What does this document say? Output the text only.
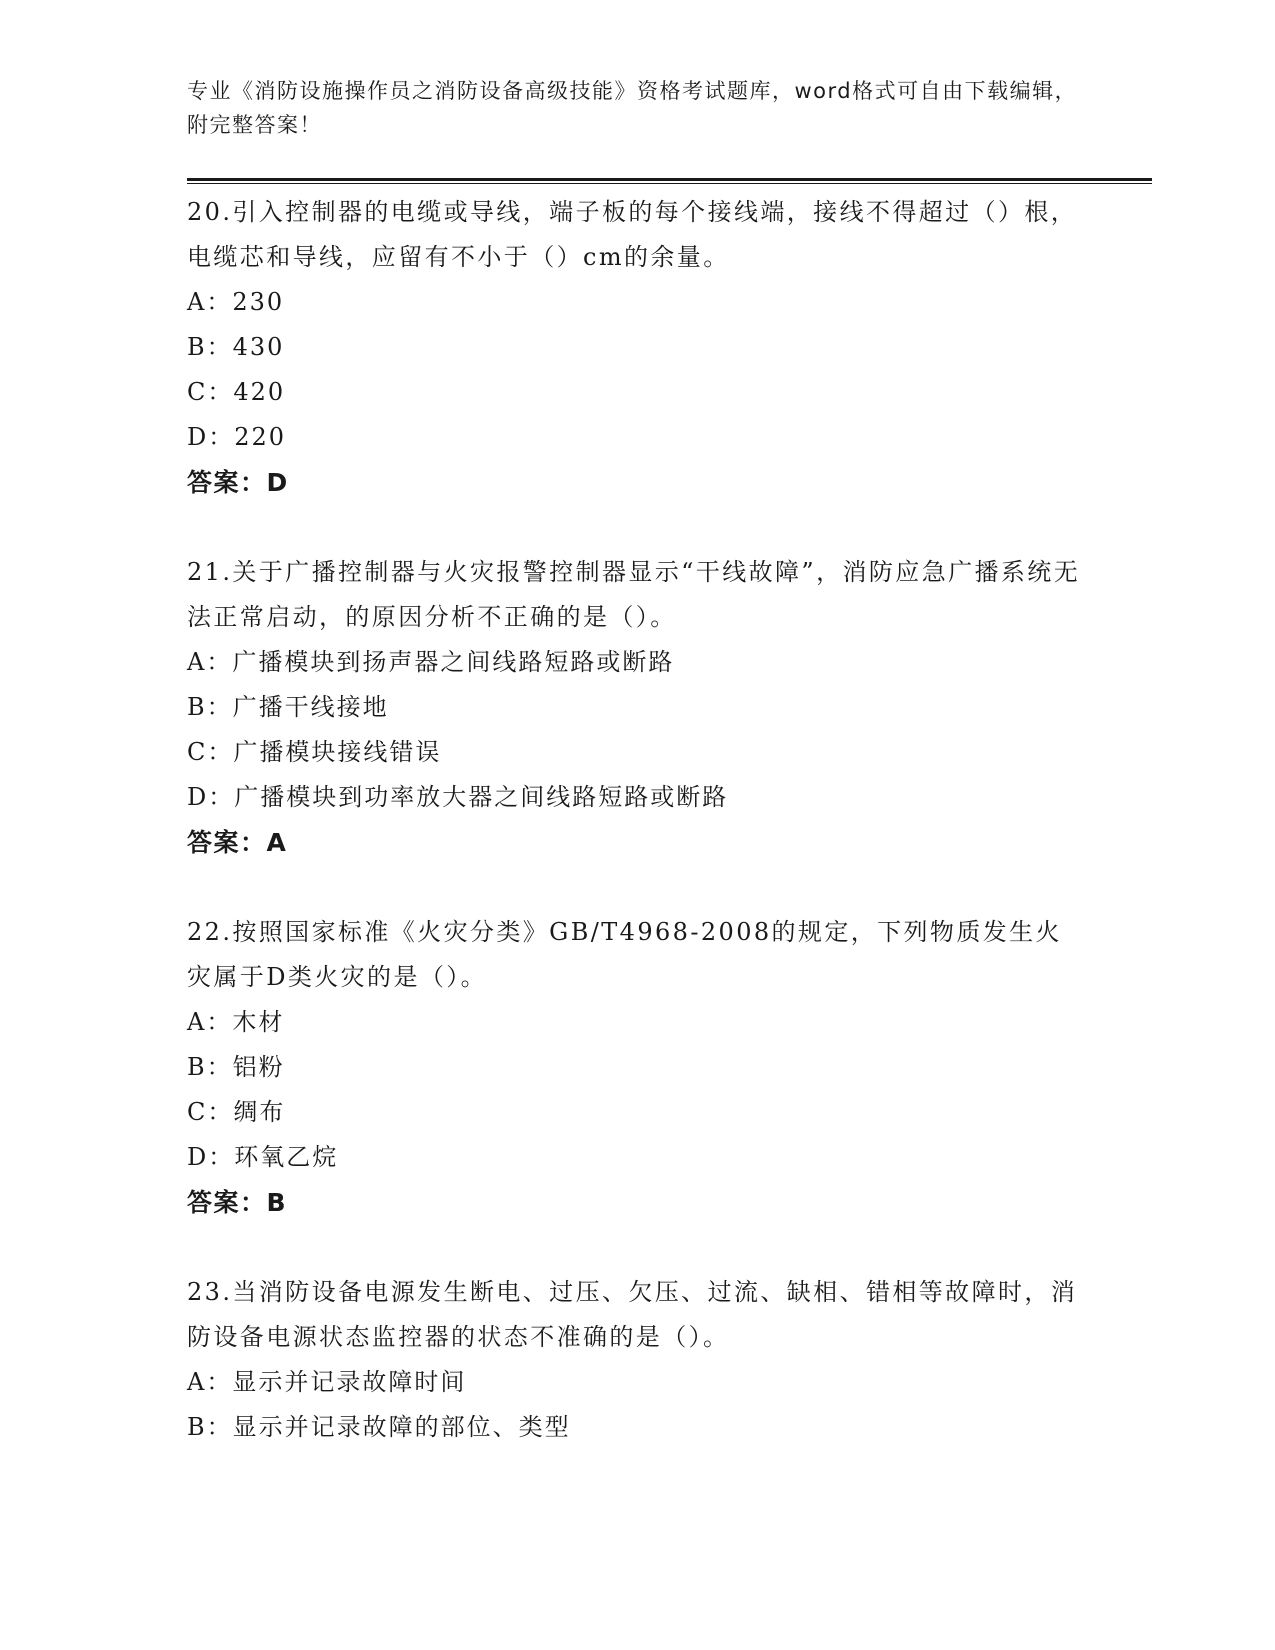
专业《消防设施操作员之消防设备高级技能》资格考试题库，word格式可自由下载编辑，附完整答案！
20.引入控制器的电缆或导线，端子板的每个接线端，接线不得超过（）根，电缆芯和导线，应留有不小于（）cm的余量。
A：230
B：430
C：420
D：220
答案：D
21.关于广播控制器与火灾报警控制器显示“干线故障”，消防应急广播系统无法正常启动，的原因分析不正确的是（）。
A：广播模块到扬声器之间线路短路或断路
B：广播干线接地
C：广播模块接线错误
D：广播模块到功率放大器之间线路短路或断路
答案：A
22.按照国家标准《火灾分类》GB/T4968-2008的规定，下列物质发生火灾属于D类火灾的是（）。
A：木材
B：铝粉
C：绸布
D：环氧乙烷
答案：B
23.当消防设备电源发生断电、过压、欠压、过流、缺相、错相等故障时，消防设备电源状态监控器的状态不准确的是（）。
A：显示并记录故障时间
B：显示并记录故障的部位、类型
